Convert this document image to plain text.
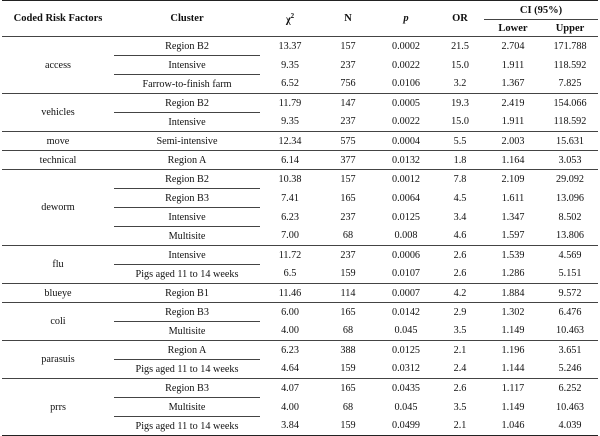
Coded Risk Factors	Cluster	$\chi^2$	N	p	OR	CI (95%)	
						Lower	Upper
access	Region B2	13.37	157	0.0002	21.5	2.704	171.788
	Intensive	9.35	237	0.0022	15.0	1.911	118.592
	Farrow-to-finish farm	6.52	756	0.0106	3.2	1.367	7.825
vehicles	Region B2	11.79	147	0.0005	19.3	2.419	154.066
	Intensive	9.35	237	0.0022	15.0	1.911	118.592
move	Semi-intensive	12.34	575	0.0004	5.5	2.003	15.631
technical	Region A	6.14	377	0.0132	1.8	1.164	3.053
deworm	Region B2	10.38	157	0.0012	7.8	2.109	29.092
	Region B3	7.41	165	0.0064	4.5	1.611	13.096
	Intensive	6.23	237	0.0125	3.4	1.347	8.502
	Multisite	7.00	68	0.008	4.6	1.597	13.806
flu	Intensive	11.72	237	0.0006	2.6	1.539	4.569
	Pigs aged 11 to 14 weeks	6.5	159	0.0107	2.6	1.286	5.151
blueye	Region B1	11.46	114	0.0007	4.2	1.884	9.572
coli	Region B3	6.00	165	0.0142	2.9	1.302	6.476
	Multisite	4.00	68	0.045	3.5	1.149	10.463
parasuis	Region A	6.23	388	0.0125	2.1	1.196	3.651
	Pigs aged 11 to 14 weeks	4.64	159	0.0312	2.4	1.144	5.246
prrs	Region B3	4.07	165	0.0435	2.6	1.117	6.252
	Multisite	4.00	68	0.045	3.5	1.149	10.463
	Pigs aged 11 to 14 weeks	3.84	159	0.0499	2.1	1.046	4.039
